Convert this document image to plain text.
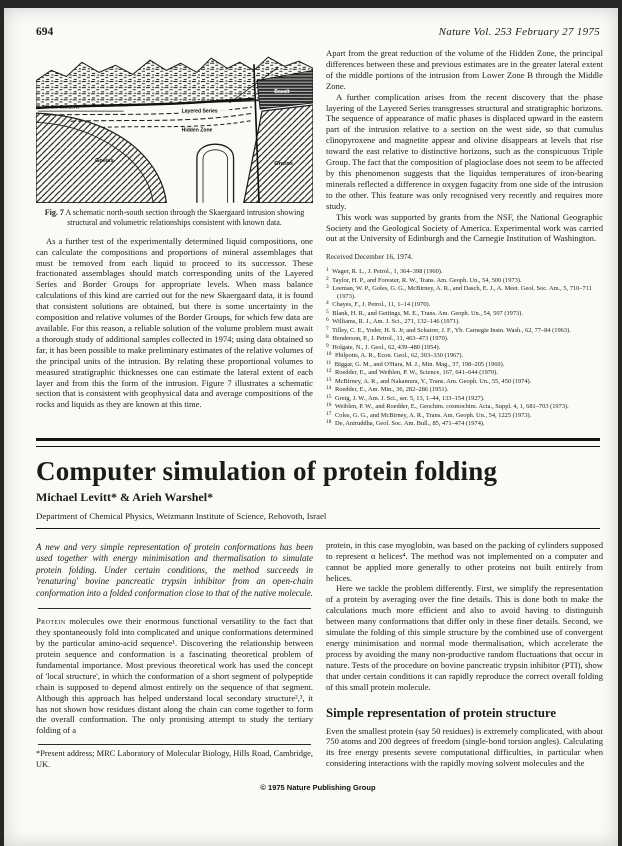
694	Nature Vol. 253 February 27 1975
Present Sea Level
Layered Series
Hidden Zone
Gneiss
Gneiss
Basalt
Fig. 7 A schematic north-south section through the Skaergaard intrusion showing structural and volumetric relationships consistent with known data.

As a further test of the experimentally determined liquid compositions, one can calculate the compositions and proportions of mineral assemblages that must be removed from each liquid to proceed to its successor. These fractionated assemblages should match corresponding units of the Layered Series and Border Groups for appropriate levels. When mass balance calculations of this kind are carried out for the new Skaergaard data, it is found that consistent solutions are obtained, but there is some uncertainty in the composition and relative volumes of the Border Groups, for which few data are available. For this reason, a reliable solution of the volume problem must await a thorough study of additional samples collected in 1974; using data obtained so far, it has been possible to make preliminary estimates of the relative volumes of the principal units of the intrusion. By relating these proportional volumes to measured stratigraphic thicknesses one can estimate the lateral extent of each layer and from this the form of the intrusion. Figure 7 illustrates a schematic section that is consistent with geophysical data and average compositions of the rocks and liquids as they are known at this time.

Apart from the great reduction of the volume of the Hidden Zone, the principal differences between these and previous estimates are in the greater lateral extent of the middle portions of the intrusion from Lower Zone B through the Middle Zone.

A further complication arises from the recent discovery that the phase layering of the Layered Series transgresses structural and stratigraphic horizons. The sequence of appearance of mafic phases is displaced upward in the eastern part of the intrusion relative to a section on the west side, so that cumulus clinopyroxene and magnetite appear and olivine disappears at levels that rise toward the east relative to distinctive horizons, such as the conspicuous Triple Group. The fact that the composition of plagioclase does not seem to be affected by this phenomenon suggests that the liquidus temperatures of iron-bearing minerals reflected a difference in oxygen fugacity from one side of the intrusion to the other. This feature was only recognised very recently and requires more study.

This work was supported by grants from the NSF, the National Geographic Society and the Geological Society of America. Experimental work was carried out at the University of Edinburgh and the Carnegie Institution of Washington.

Received December 16, 1974.
$^1$ Wager, R. L., J. Petrol., 1, 364–398 (1960).
$^2$ Taylor, H. P., and Forester, R. W., Trans. Am. Geoph. Un., 54, 500 (1973).
$^3$ Leeman, W. P., Goles, G. G., McBirney, A. R., and Dasch, E. J., A. Meet. Geol. Soc. Am., 5, 710–711 (1973).
$^4$ Chayes, F., J. Petrol., 11, 1–14 (1970).
$^5$ Blank, H. R., and Gettings, M. E., Trans. Am. Geoph. Un., 54, 507 (1973).
$^6$ Williams, R. J., Am. J. Sci., 271, 132–146 (1971).
$^7$ Tilley, C. E., Yoder, H. S. Jr, and Schairer, J. F., Yb. Carnegie Instn. Wash., 62, 77–84 (1963).
$^8$ Henderson, P., J. Petrol., 11, 463–473 (1970).
$^9$ Holgate, N., J. Geol., 62, 439–480 (1954).
$^{10}$ Philpotts, A. R., Econ. Geol., 62, 303–330 (1967).
$^{11}$ Biggar, G. M., and O'Hara, M. J., Min. Mag., 37, 198–205 (1969).
$^{12}$ Roedder, E., and Weiblen, P. W., Science, 167, 641–644 (1970).
$^{13}$ McBirney, A. R., and Nakamura, Y., Trans. Am. Geoph. Un., 55, 450 (1974).
$^{14}$ Roedder, E., Am. Min., 36, 282–286 (1951).
$^{15}$ Greig, J. W., Am. J. Sci., ser. 5, 13, 1–44, 133–154 (1927).
$^{16}$ Weiblen, P. W., and Roedder, E., Geochim. cosmochim. Acta., Suppl. 4, 1, 681–703 (1973).
$^{17}$ Coles, G. G., and McBirney, A. R., Trans. Am. Geoph. Un., 54, 1225 (1973).
$^{18}$ De, Aniruddha, Geol. Soc. Am. Bull., 85, 471–474 (1974).
Computer simulation of protein folding
Michael Levitt* & Arieh Warshel*
Department of Chemical Physics, Weizmann Institute of Science, Rehovoth, Israel

A new and very simple representation of protein conformations has been used together with energy minimisation and thermalisation to simulate protein folding. Under certain conditions, the method succeeds in 'renaturing' bovine pancreatic trypsin inhibitor from an open-chain conformation into a folded conformation close to that of the native molecule.

Protein molecules owe their enormous functional versatility to the fact that they spontaneously fold into complicated and unique conformations determined by the particular amino-acid sequence¹. Discovering the relationship between protein sequence and conformation is a fascinating theoretical problem of fundamental importance. Most previous theoretical work has used the concept of 'local structure', in which the conformation of a short segment of polypeptide chain is supposed to depend almost entirely on the sequence of that segment. Although this approach has helped understand local secondary structure²,³, it has not shown how residues distant along the chain can come together to form the overall conformation. The only promising attempt to study the tertiary folding of a

*Present address; MRC Laboratory of Molecular Biology, Hills Road, Cambridge, UK.

protein, in this case myoglobin, was based on the packing of cylinders supposed to represent α helices⁴. The method was not implemented on a computer and cannot be applied more generally to other proteins not built entirely from helices.

Here we tackle the problem differently. First, we simplify the representation of a protein by averaging over the fine details. This is done both to make the calculations much more efficient and also to avoid having to distinguish between many conformations that differ only in these finer details. Second, we simulate the folding of this simple structure by the combined use of convergent energy minimisation and normal mode thermalisation, which accelerate the process by avoiding the many non-productive random fluctuations that occur in nature. Tests of the procedure on bovine pancreatic trypsin inhibitor (PTI), show that under certain conditions it can rapidly reproduce the correct overall folding of this small protein molecule.

Simple representation of protein structure

Even the smallest protein (say 50 residues) is extremely complicated, with about 750 atoms and 200 degrees of freedom (single-bond torsion angles). Calculating its free energy presents severe computational difficulties, in particular when considering interactions with the rapidly moving solvent molecules and the

© 1975 Nature Publishing Group
